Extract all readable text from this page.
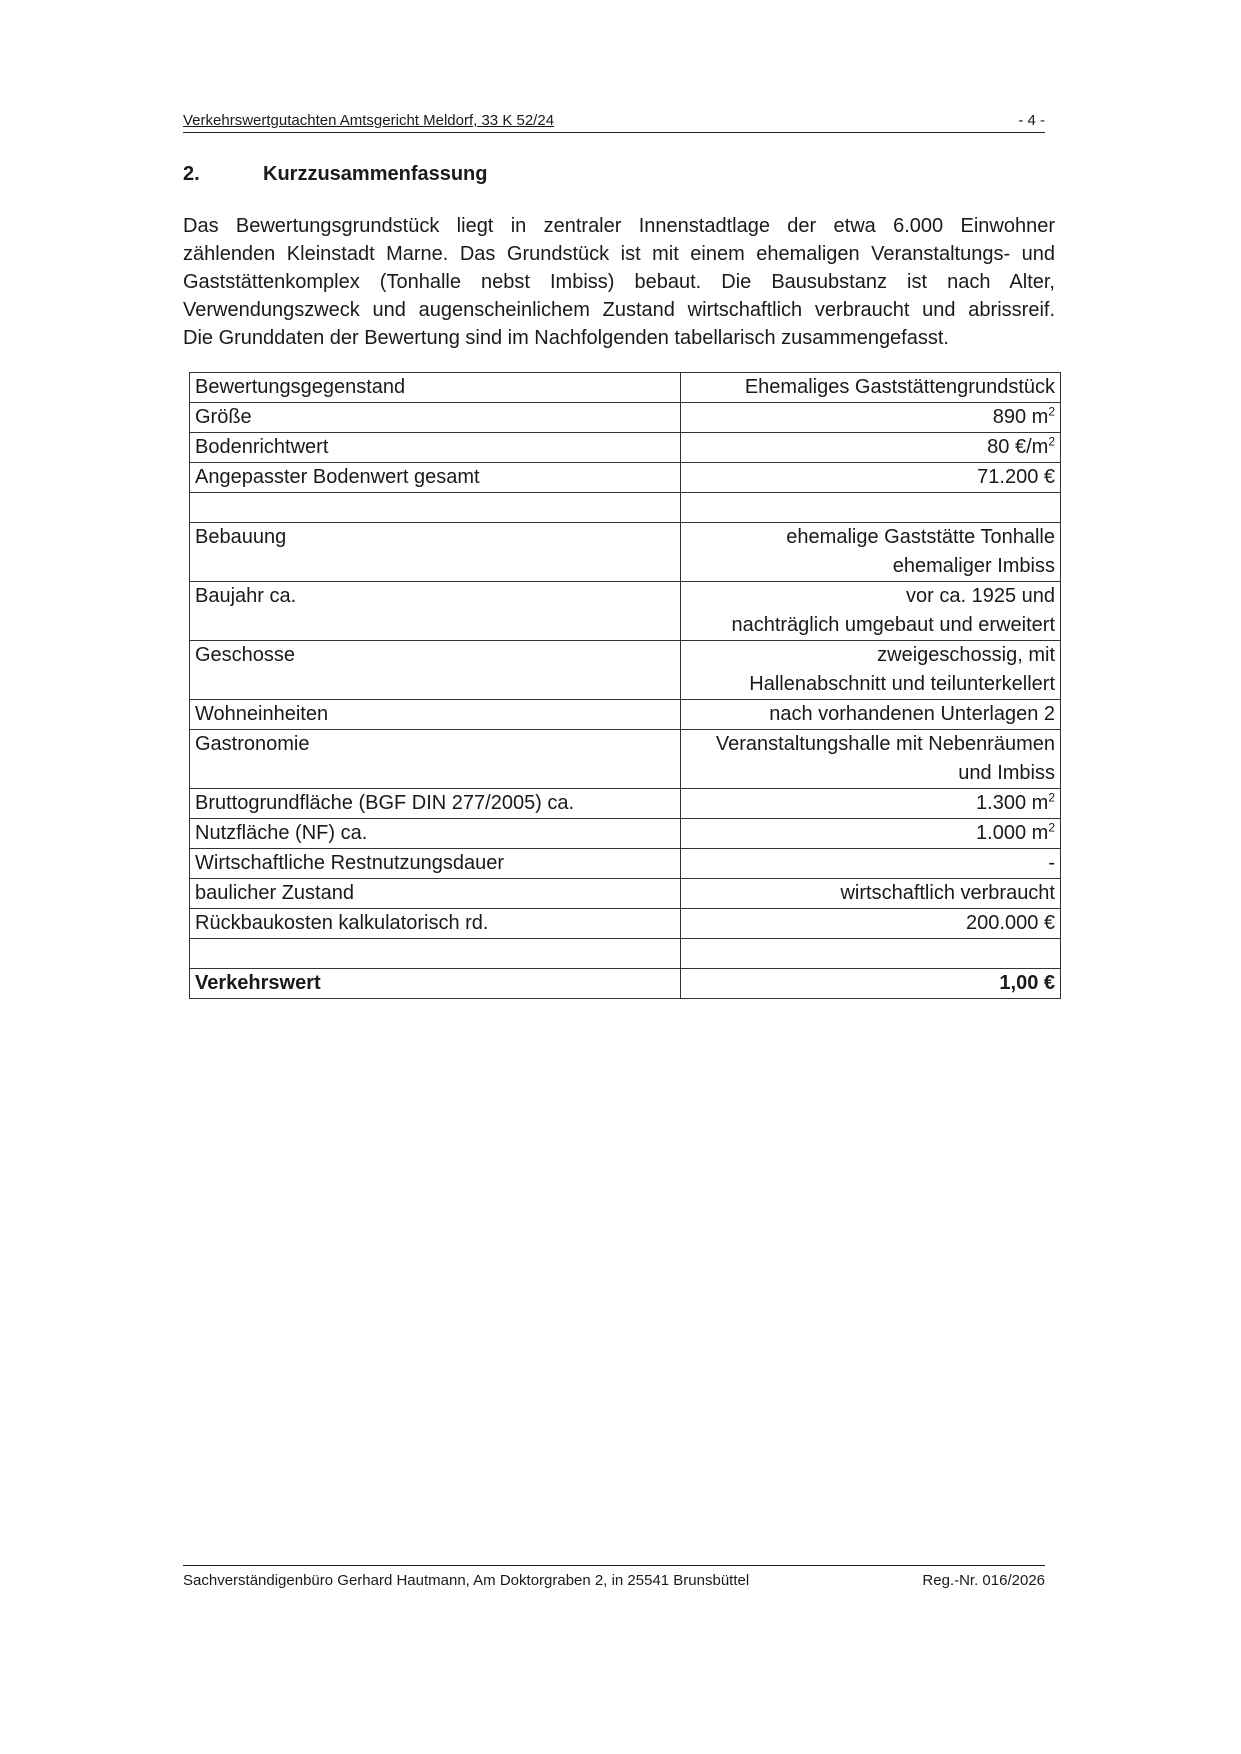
Verkehrswertgutachten Amtsgericht Meldorf, 33 K 52/24	- 4 -
2.	Kurzzusammenfassung
Das Bewertungsgrundstück liegt in zentraler Innenstadtlage der etwa 6.000 Einwohner
zählenden Kleinstadt Marne. Das Grundstück ist mit einem ehemaligen Veranstaltungs- und
Gaststättenkomplex (Tonhalle nebst Imbiss) bebaut. Die Bausubstanz ist nach Alter,
Verwendungszweck und augenscheinlichem Zustand wirtschaftlich verbraucht und abrissreif.
Die Grunddaten der Bewertung sind im Nachfolgenden tabellarisch zusammengefasst.
Bewertungsgegenstand	Ehemaliges Gaststättengrundstück
Größe	890 $m^2$
Bodenrichtwert	80 $€/m^2$
Angepasster Bodenwert gesamt	71.200 €

Bebauung	ehemalige Gaststätte Tonhalle
ehemaliger Imbiss

Baujahr ca.	vor ca. 1925 und
nachträglich umgebaut und erweitert

Geschosse	zweigeschossig, mit
Hallenabschnitt und teilunterkellert

Wohneinheiten	nach vorhandenen Unterlagen 2
Gastronomie	Veranstaltungshalle mit Nebenräumen
und Imbiss

Bruttogrundfläche (BGF DIN 277/2005) ca.	1.300 $m^2$
Nutzfläche (NF) ca.	1.000 $m^2$
Wirtschaftliche Restnutzungsdauer	-
baulicher Zustand	wirtschaftlich verbraucht
Rückbaukosten kalkulatorisch rd.	200.000 €

Verkehrswert	1,00 €
Sachverständigenbüro Gerhard Hautmann, Am Doktorgraben 2, in 25541 Brunsbüttel	Reg.-Nr. 016/2026
